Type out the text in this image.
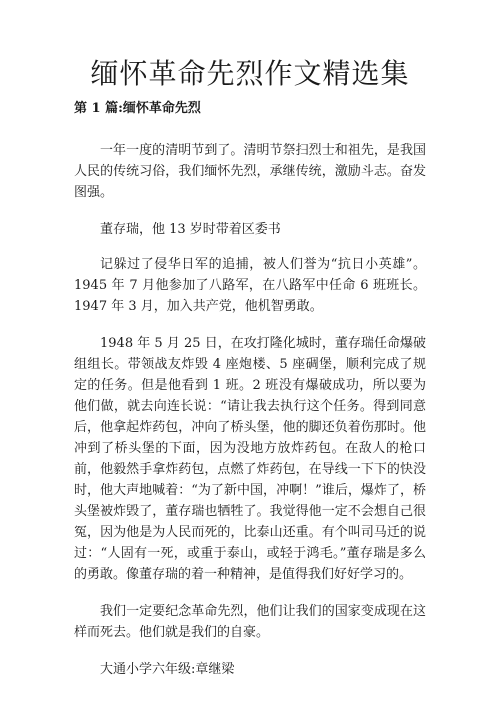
缅怀革命先烈作文精选集
第 1 篇:缅怀革命先烈

一年一度的清明节到了。清明节祭扫烈士和祖先，是我国人民的传统习俗，我们缅怀先烈，承继传统，激励斗志。奋发图强。

董存瑞，他 13 岁时带着区委书

记躲过了侵华日军的追捕，被人们誉为“抗日小英雄”。1945 年 7 月他参加了八路军，在八路军中任命 6 班班长。1947 年 3 月，加入共产党，他机智勇敢。

1948 年 5 月 25 日，在攻打隆化城时，董存瑞任命爆破组组长。带领战友炸毁 4 座炮楼、5 座碉堡，顺利完成了规定的任务。但是他看到 1 班。2 班没有爆破成功，所以要为他们做，就去向连长说：“请让我去执行这个任务。得到同意后，他拿起炸药包，冲向了桥头堡，他的脚还负着伤那时。他冲到了桥头堡的下面，因为没地方放炸药包。在敌人的枪口前，他毅然手拿炸药包，点燃了炸药包，在导线一下下的快没时，他大声地喊着：“为了新中国，冲啊！”谁后，爆炸了，桥头堡被炸毁了，董存瑞也牺牲了。我觉得他一定不会想自己很冤，因为他是为人民而死的，比泰山还重。有个叫司马迁的说过：“人固有一死，或重于泰山，或轻于鸿毛。”董存瑞是多么的勇敢。像董存瑞的着一种精神，是值得我们好好学习的。

我们一定要纪念革命先烈，他们让我们的国家变成现在这样而死去。他们就是我们的自豪。

大通小学六年级:章继梁
